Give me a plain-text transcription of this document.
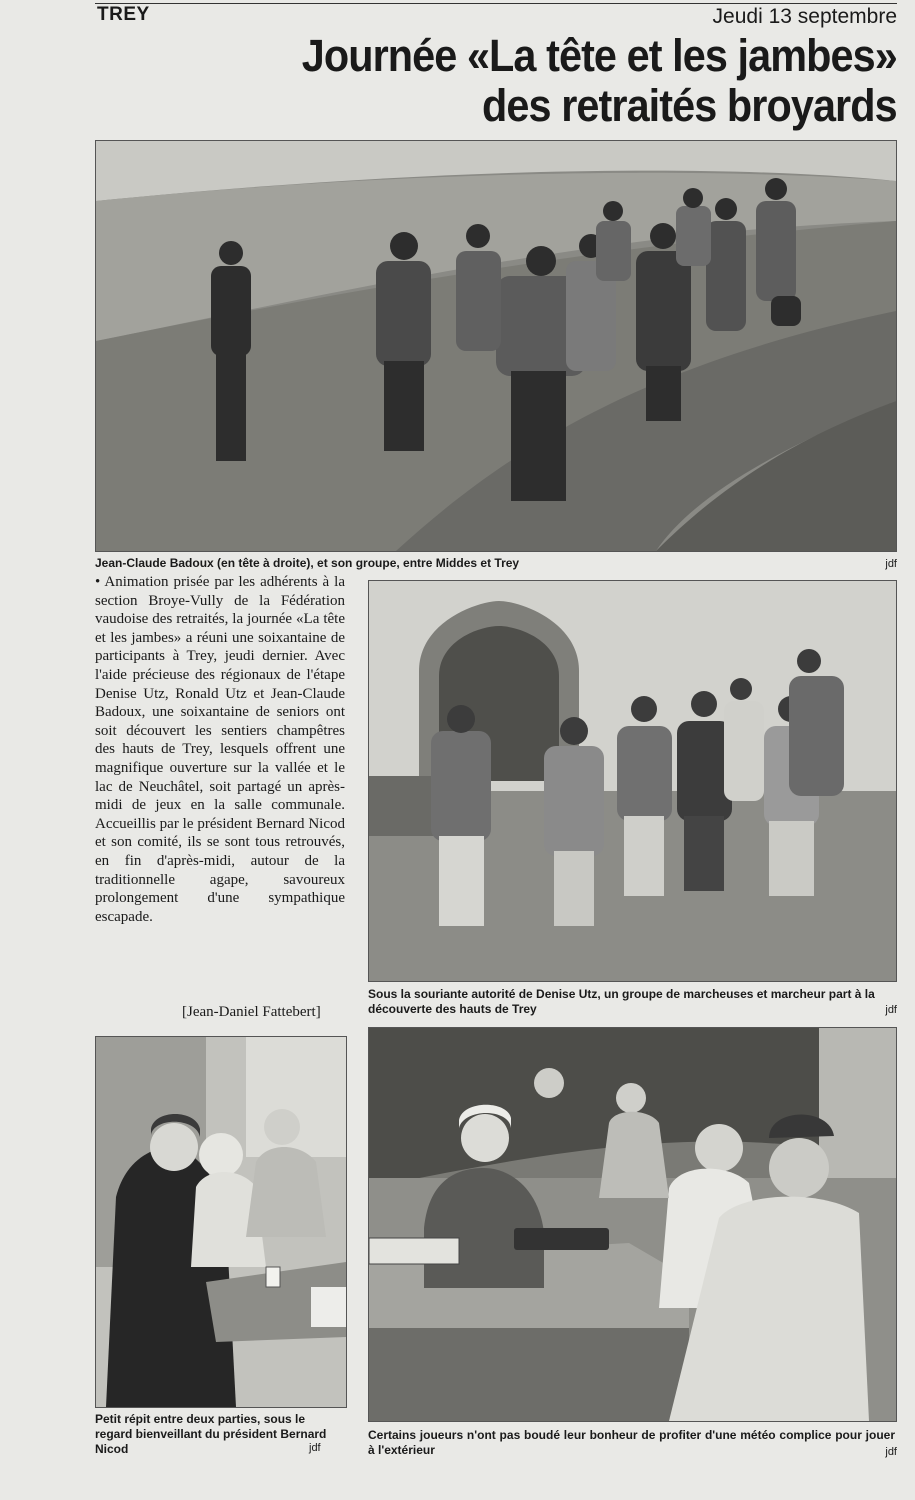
TREY	Jeudi 13 septembre
Journée «La tête et les jambes»
des retraités broyards
Jean-Claude Badoux (en tête à droite), et son groupe, entre Middes et Trey	jdf
• Animation prisée par les adhérents à la section Broye-Vully de la Fédération vaudoise des retraités, la journée «La tête et les jambes» a réuni une soixantaine de participants à Trey, jeudi dernier. Avec l'aide précieuse des régionaux de l'étape Denise Utz, Ronald Utz et Jean-Claude Badoux, une soixantaine de seniors ont soit découvert les sentiers champêtres des hauts de Trey, lesquels offrent une magnifique ouverture sur la vallée et le lac de Neuchâtel, soit partagé un après-midi de jeux en la salle communale. Accueillis par le président Bernard Nicod et son comité, ils se sont tous retrouvés, en fin d'après-midi, autour de la traditionnelle agape, savoureux prolongement d'une sympathique escapade.
[Jean-Daniel Fattebert]
Sous la souriante autorité de Denise Utz, un groupe de marcheuses et marcheur part à la découverte des hauts de Trey	jdf
Petit répit entre deux parties, sous le regard bienveillant du président Bernard Nicod	jdf
Certains joueurs n'ont pas boudé leur bonheur de profiter d'une météo complice pour jouer à l'extérieur	jdf
